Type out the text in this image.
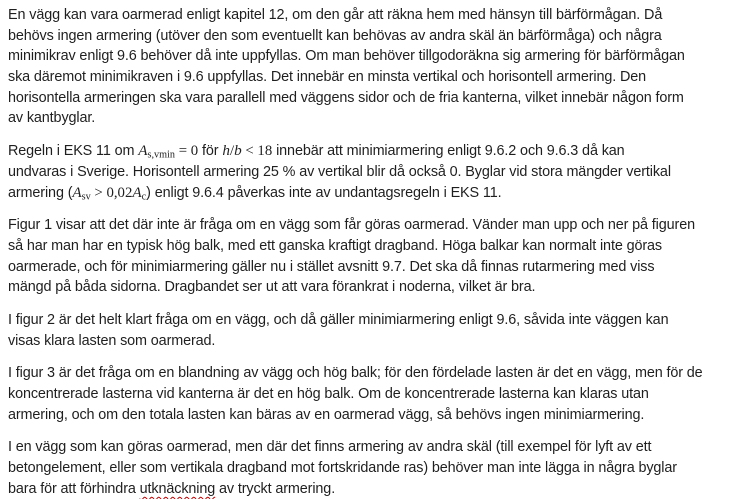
En vägg kan vara oarmerad enligt kapitel 12, om den går att räkna hem med hänsyn till bärförmågan. Då
behövs ingen armering (utöver den som eventuellt kan behövas av andra skäl än bärförmåga) och några
minimikrav enligt 9.6 behöver då inte uppfyllas. Om man behöver tillgodoräkna sig armering för bärförmågan
ska däremot minimikraven i 9.6 uppfyllas. Det innebär en minsta vertikal och horisontell armering. Den
horisontella armeringen ska vara parallell med väggens sidor och de fria kanterna, vilket innebär någon form
av kantbyglar.
Regeln i EKS 11 om As,vmin = 0 för h/b < 18 innebär att minimiarmering enligt 9.6.2 och 9.6.3 då kan
undvaras i Sverige. Horisontell armering 25 % av vertikal blir då också 0. Byglar vid stora mängder vertikal
armering (Asv > 0,02Ac) enligt 9.6.4 påverkas inte av undantagsregeln i EKS 11.
Figur 1 visar att det där inte är fråga om en vägg som får göras oarmerad. Vänder man upp och ner på figuren
så har man har en typisk hög balk, med ett ganska kraftigt dragband. Höga balkar kan normalt inte göras
oarmerade, och för minimiarmering gäller nu i stället avsnitt 9.7. Det ska då finnas rutarmering med viss
mängd på båda sidorna. Dragbandet ser ut att vara förankrat i noderna, vilket är bra.
I figur 2 är det helt klart fråga om en vägg, och då gäller minimiarmering enligt 9.6, såvida inte väggen kan
visas klara lasten som oarmerad.
I figur 3 är det fråga om en blandning av vägg och hög balk; för den fördelade lasten är det en vägg, men för de
koncentrerade lasterna vid kanterna är det en hög balk. Om de koncentrerade lasterna kan klaras utan
armering, och om den totala lasten kan bäras av en oarmerad vägg, så behövs ingen minimiarmering.
I en vägg som kan göras oarmerad, men där det finns armering av andra skäl (till exempel för lyft av ett
betongelement, eller som vertikala dragband mot fortskridande ras) behöver man inte lägga in några byglar
bara för att förhindra utknäckning av tryckt armering.
